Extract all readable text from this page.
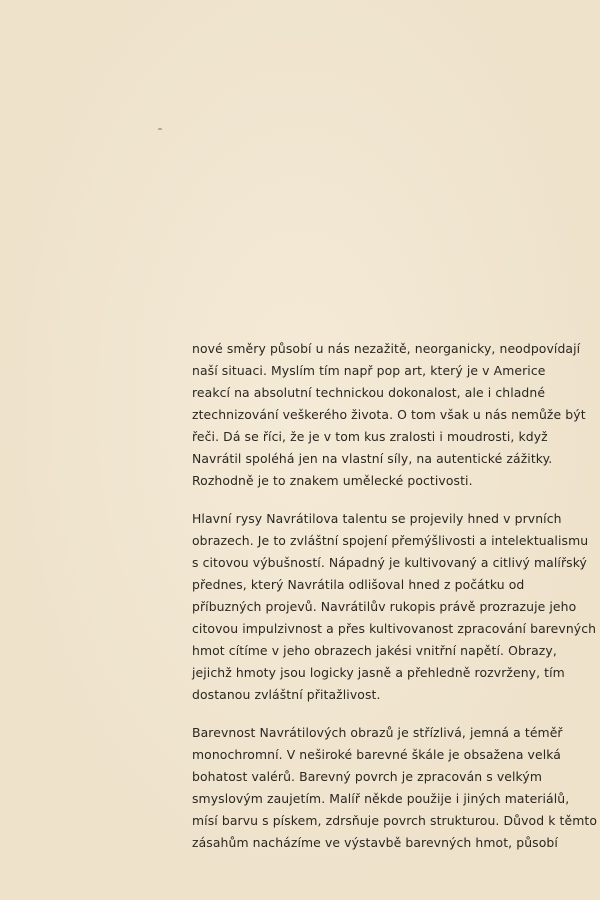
nové směry působí u nás nezažitě, neorganicky, neodpovídají
naší situaci. Myslím tím např pop art, který je v Americe
reakcí na absolutní technickou dokonalost, ale i chladné
ztechnizování veškerého života. O tom však u nás nemůže být
řeči. Dá se říci, že je v tom kus zralosti i moudrosti, když
Navrátil spoléhá jen na vlastní síly, na autentické zážitky.
Rozhodně je to znakem umělecké poctivosti.

Hlavní rysy Navrátilova talentu se projevily hned v prvních
obrazech. Je to zvláštní spojení přemýšlivosti a intelektualismu
s citovou výbušností. Nápadný je kultivovaný a citlivý malířský
přednes, který Navrátila odlišoval hned z počátku od
příbuzných projevů. Navrátilův rukopis právě prozrazuje jeho
citovou impulzivnost a přes kultivovanost zpracování barevných
hmot cítíme v jeho obrazech jakési vnitřní napětí. Obrazy,
jejichž hmoty jsou logicky jasně a přehledně rozvrženy, tím
dostanou zvláštní přitažlivost.

Barevnost Navrátilových obrazů je střízlivá, jemná a téměř
monochromní. V neširoké barevné škále je obsažena velká
bohatost valérů. Barevný povrch je zpracován s velkým
smyslovým zaujetím. Malíř někde použije i jiných materiálů,
mísí barvu s pískem, zdrsňuje povrch strukturou. Důvod k těmto
zásahům nacházíme ve výstavbě barevných hmot, působí
